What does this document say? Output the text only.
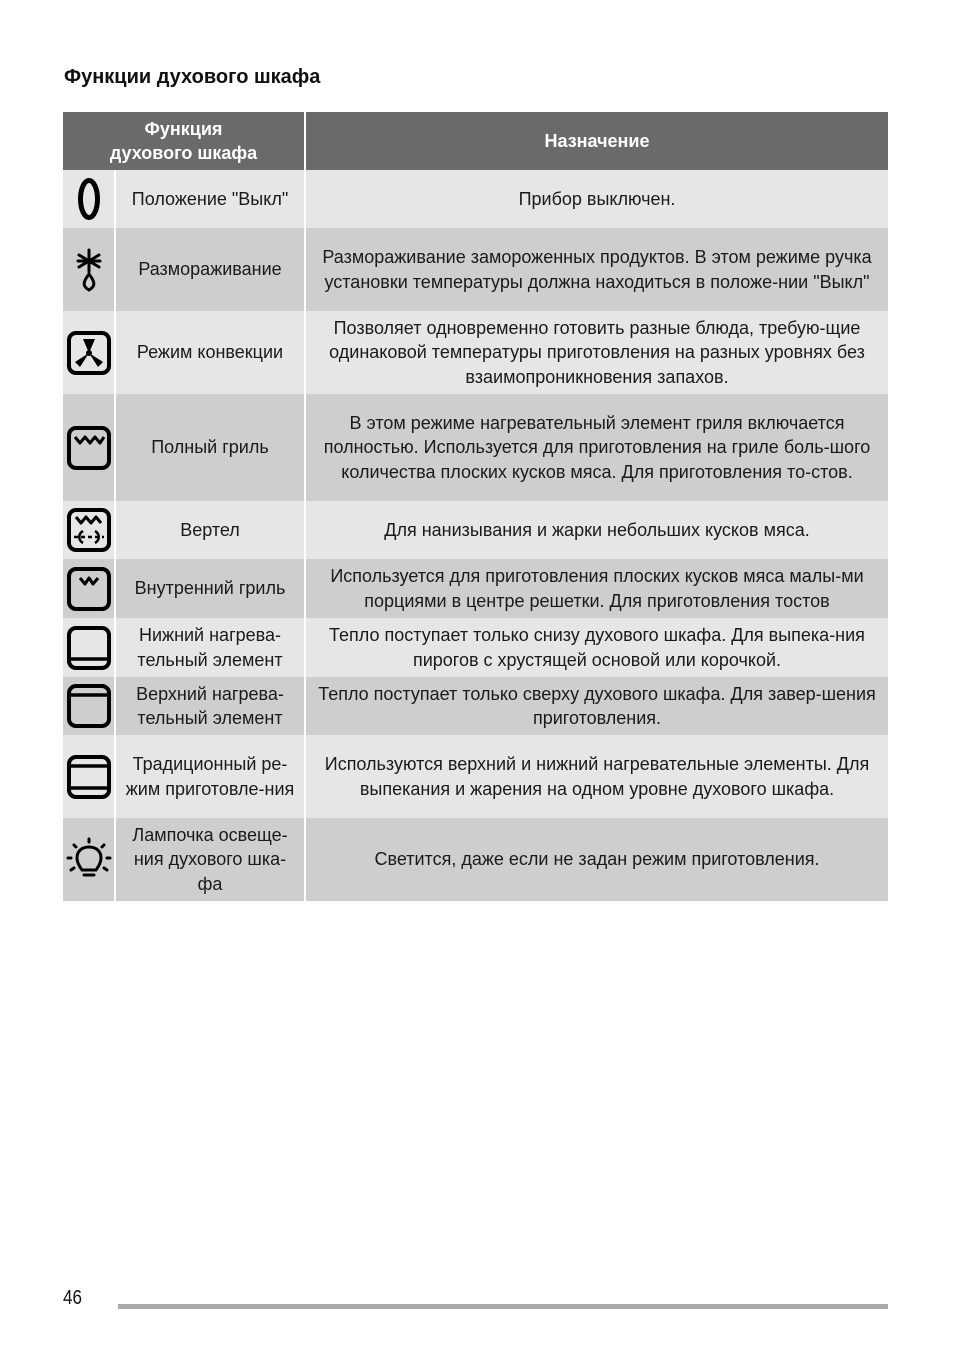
Функции духового шкафа
Функция духового шкафа		Назначение

	Положение "Выкл"	Прибор выключен.

	Размораживание	Размораживание замороженных продуктов. В этом режиме ручка установки температуры должна находиться в положе-нии "Выкл"

	Режим конвекции	Позволяет одновременно готовить разные блюда, требую-щие одинаковой температуры приготовления на разных уровнях без взаимопроникновения запахов.

	Полный гриль	В этом режиме нагревательный элемент гриля включается полностью. Используется для приготовления на гриле боль-шого количества плоских кусков мяса. Для приготовления то-стов.

	Вертел	Для нанизывания и жарки небольших кусков мяса.

	Внутренний гриль	Используется для приготовления плоских кусков мяса малы-ми порциями в центре решетки. Для приготовления тостов

	Нижний нагрева-тельный элемент	Тепло поступает только снизу духового шкафа. Для выпека-ния пирогов с хрустящей основой или корочкой.

	Верхний нагрева-тельный элемент	Тепло поступает только сверху духового шкафа. Для завер-шения приготовления.

	Традиционный ре-жим приготовле-ния	Используются верхний и нижний нагревательные элементы. Для выпекания и жарения на одном уровне духового шкафа.

	Лампочка освеще-ния духового шка-фа	Светится, даже если не задан режим приготовления.
46
